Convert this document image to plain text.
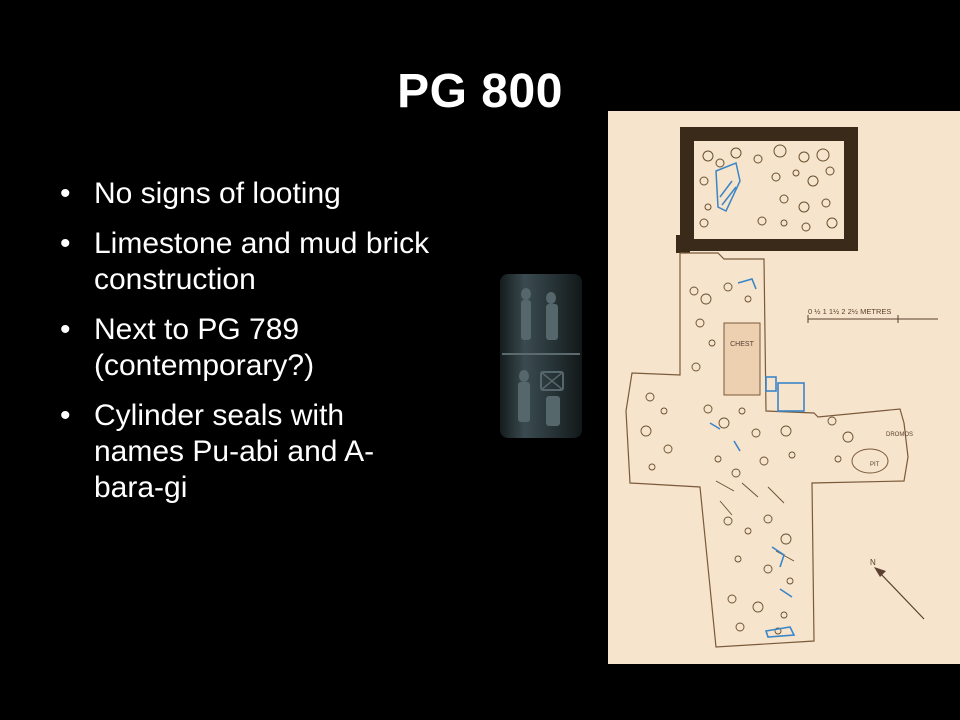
PG 800
• No signs of looting
• Limestone and mud brick construction
• Next to PG 789 (contemporary?)
• Cylinder seals with names Pu-abi and A-bara-gi
CHEST
0 ½ 1 1½ 2 2½ METRES
DROMOS
PIT
N
